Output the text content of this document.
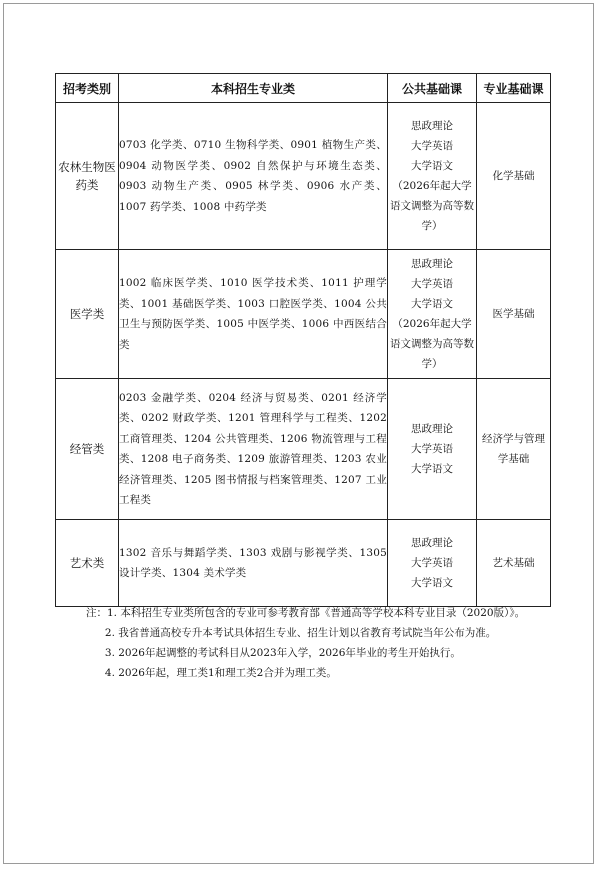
招考类别	本科招生专业类	公共基础课	专业基础课
农林生物医药类	0703 化学类、0710 生物科学类、0901 植物生产类、0904 动物医学类、0902 自然保护与环境生态类、0903 动物生产类、0905 林学类、0906 水产类、1007 药学类、1008 中药学类	思政理论
大学英语
大学语文
（2026年起大学语文调整为高等数学）	化学基础
医学类	1002 临床医学类、1010 医学技术类、1011 护理学类、1001 基础医学类、1003 口腔医学类、1004 公共卫生与预防医学类、1005 中医学类、1006 中西医结合类	思政理论
大学英语
大学语文
（2026年起大学语文调整为高等数学）	医学基础
经管类	0203 金融学类、0204 经济与贸易类、0201 经济学类、0202 财政学类、1201 管理科学与工程类、1202 工商管理类、1204 公共管理类、1206 物流管理与工程类、1208 电子商务类、1209 旅游管理类、1203 农业经济管理类、1205 图书情报与档案管理类、1207 工业工程类	思政理论
大学英语
大学语文	经济学与管理学基础
艺术类	1302 音乐与舞蹈学类、1303 戏剧与影视学类、1305 设计学类、1304 美术学类	思政理论
大学英语
大学语文	艺术基础

注：1. 本科招生专业类所包含的专业可参考教育部《普通高等学校本科专业目录（2020版）》。

2. 我省普通高校专升本考试具体招生专业、招生计划以省教育考试院当年公布为准。

3. 2026年起调整的考试科目从2023年入学，2026年毕业的考生开始执行。

4. 2026年起，理工类1和理工类2合并为理工类。
